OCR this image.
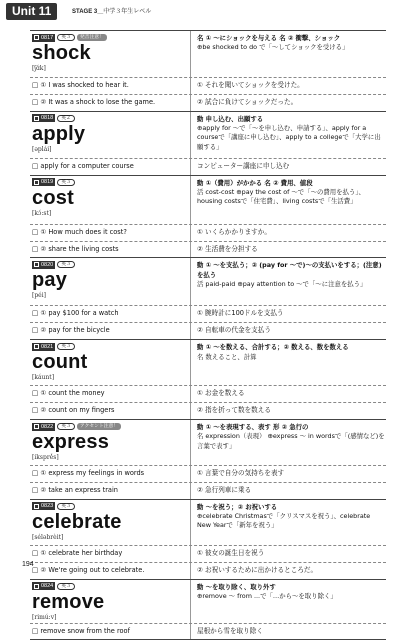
Unit 11	STAGE 3＿中学３年生レベル
0817	英３	発音注意！
shock
[ʃɑ́k]
名 ① ～にショックを与える 名 ② 衝撃、ショック
⊕be shocked to do で「～してショックを受ける」
□ ① I was shocked to hear it.	① それを聞いてショックを受けた。
□ ② It was a shock to lose the game.	② 試合に負けてショックだった。
0818	英２
apply
[əplái]
動 申し込む、出願する
⊕apply for ～で「～を申し込む、申請する」、apply for a courseで「講座に申し込む」、apply to a collegeで「大学に出願する」
□ apply for a computer course	コンピューター講座に申し込む
0819	英３
cost
[kɔ́:st]
動 ①（費用）がかかる 名 ② 費用、値段
活 cost-cost ⊕pay the cost of ～で「～の費用を払う」、housing costsで「住宅費」、living costsで「生活費」
□ ① How much does it cost?	① いくらかかりますか。
□ ② share the living costs	② 生活費を分担する
0820	英３
pay
[péi]
動 ① ～を支払う；② (pay for ～で)～の支払いをする；(注意) を払う
活 paid-paid ⊕pay attention to ～で「～に注意を払う」
□ ① pay $100 for a watch	① 腕時計に100ドルを支払う
□ ② pay for the bicycle	② 自転車の代金を支払う
0821	英３
count
[káunt]
動 ① ～を数える、合計する；② 数える、数を数える
名 数えること、計算
□ ① count the money	① お金を数える
□ ② count on my fingers	② 指を折って数を数える
0822	英３	アクセント注意！
express
[ikspré̀s]
動 ① ～を表現する、表す 形 ② 急行の
名 expression（表現） ⊕express ～ in wordsで「(感情など)を言葉で表す」
□ ① express my feelings in words	① 言葉で自分の気持ちを表す
□ ② take an express train	② 急行列車に乗る
0823	英３
celebrate
[séləbrèit]
動 ～を祝う；② お祝いする
⊕celebrate Christmasで「クリスマスを祝う」、celebrate New Yearで「新年を祝う」
□ ① celebrate her birthday	① 彼女の誕生日を祝う
□ ② We're going out to celebrate.	② お祝いするために出かけるところだ。
0824	英３
remove
[rimú:v]
動 ～を取り除く、取り外す
⊕remove ～ from ...で「…から～を取り除く」
□ remove snow from the roof	屋根から雪を取り除く
194
